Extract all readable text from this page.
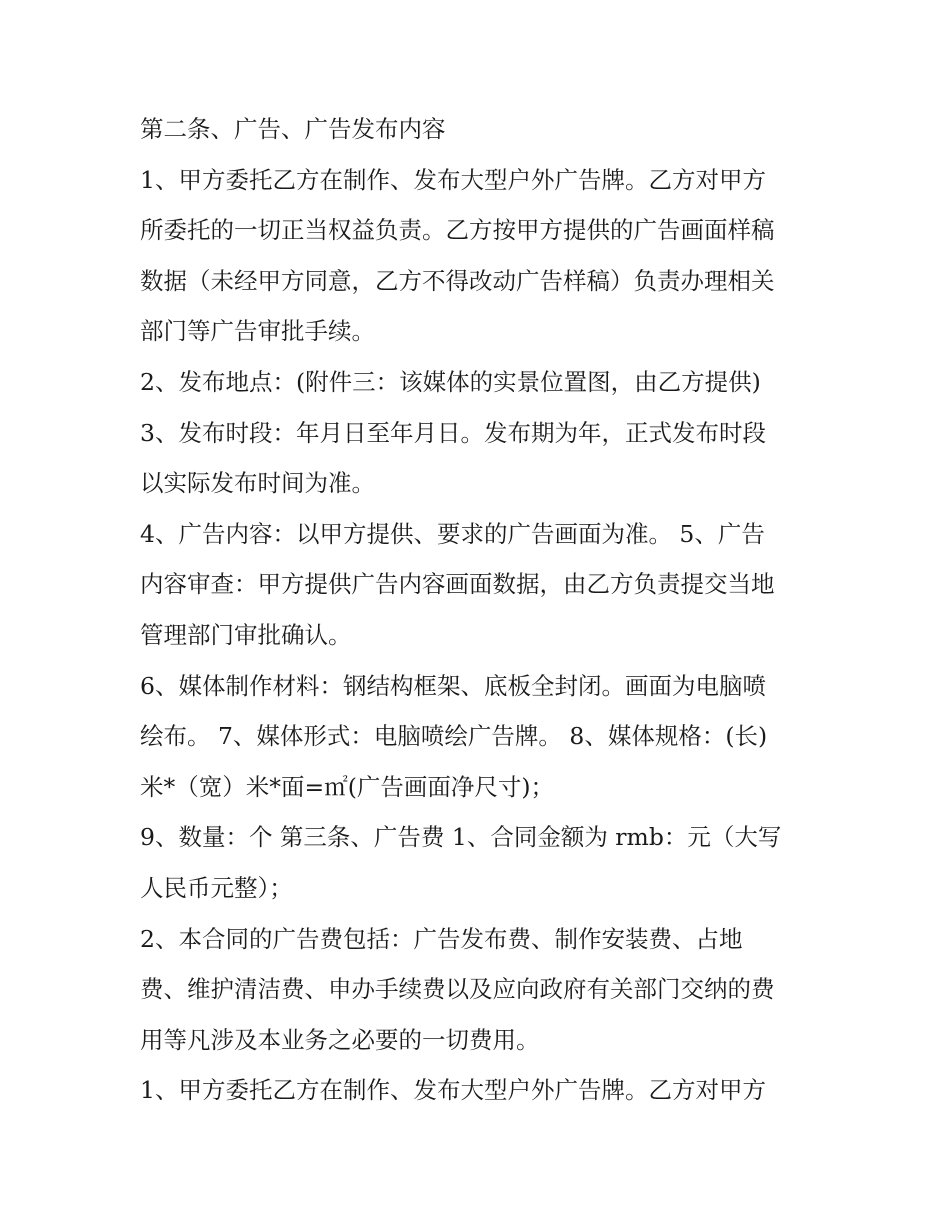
第二条、广告、广告发布内容

1、甲方委托乙方在制作、发布大型户外广告牌。乙方对甲方

所委托的一切正当权益负责。乙方按甲方提供的广告画面样稿

数据（未经甲方同意，乙方不得改动广告样稿）负责办理相关

部门等广告审批手续。

2、发布地点：(附件三：该媒体的实景位置图，由乙方提供)

3、发布时段：年月日至年月日。发布期为年，正式发布时段

以实际发布时间为准。

4、广告内容：以甲方提供、要求的广告画面为准。 5、广告

内容审查：甲方提供广告内容画面数据，由乙方负责提交当地

管理部门审批确认。

6、媒体制作材料：钢结构框架、底板全封闭。画面为电脑喷

绘布。 7、媒体形式：电脑喷绘广告牌。 8、媒体规格：(长)

米*（宽）米*面=㎡(广告画面净尺寸)；

9、数量：个 第三条、广告费 1、合同金额为 rmb：元（大写

人民币元整）；

2、本合同的广告费包括：广告发布费、制作安装费、占地

费、维护清洁费、申办手续费以及应向政府有关部门交纳的费

用等凡涉及本业务之必要的一切费用。

1、甲方委托乙方在制作、发布大型户外广告牌。乙方对甲方
